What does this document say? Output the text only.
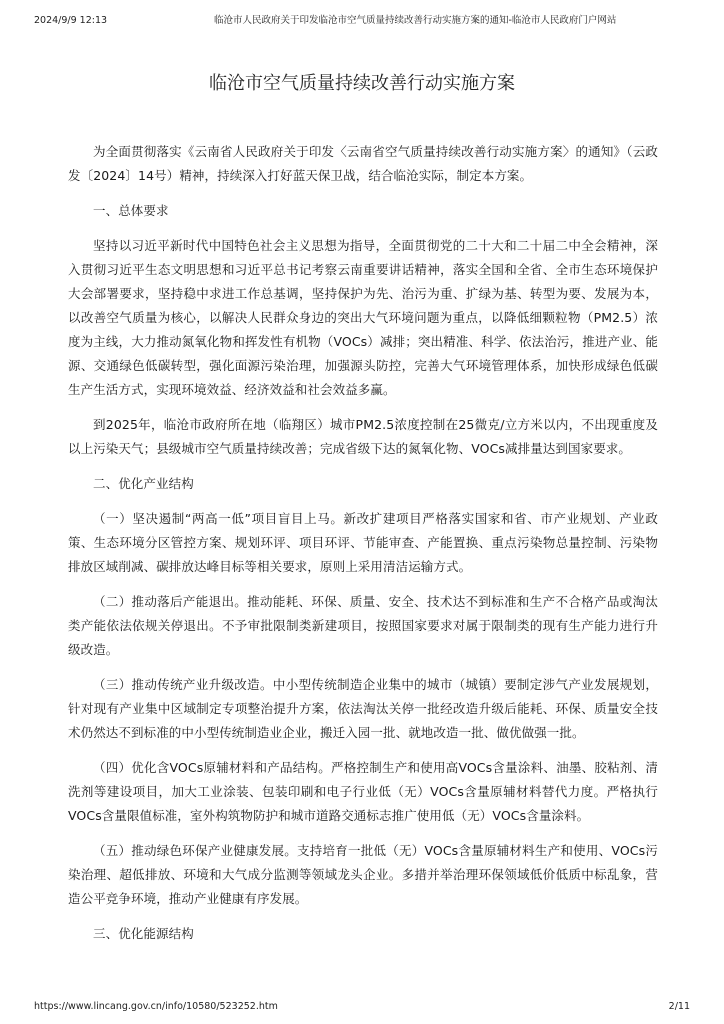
2024/9/9 12:13	临沧市人民政府关于印发临沧市空气质量持续改善行动实施方案的通知-临沧市人民政府门户网站
临沧市空气质量持续改善行动实施方案

为全面贯彻落实《云南省人民政府关于印发〈云南省空气质量持续改善行动实施方案〉的通知》（云政发〔2024〕14号）精神，持续深入打好蓝天保卫战，结合临沧实际，制定本方案。

一、总体要求

坚持以习近平新时代中国特色社会主义思想为指导，全面贯彻党的二十大和二十届二中全会精神，深入贯彻习近平生态文明思想和习近平总书记考察云南重要讲话精神，落实全国和全省、全市生态环境保护大会部署要求，坚持稳中求进工作总基调，坚持保护为先、治污为重、扩绿为基、转型为要、发展为本，以改善空气质量为核心，以解决人民群众身边的突出大气环境问题为重点，以降低细颗粒物（PM2.5）浓度为主线，大力推动氮氧化物和挥发性有机物（VOCs）减排；突出精准、科学、依法治污，推进产业、能源、交通绿色低碳转型，强化面源污染治理，加强源头防控，完善大气环境管理体系，加快形成绿色低碳生产生活方式，实现环境效益、经济效益和社会效益多赢。

到2025年，临沧市政府所在地（临翔区）城市PM2.5浓度控制在25微克/立方米以内，不出现重度及以上污染天气；县级城市空气质量持续改善；完成省级下达的氮氧化物、VOCs减排量达到国家要求。

二、优化产业结构

（一）坚决遏制“两高一低”项目盲目上马。新改扩建项目严格落实国家和省、市产业规划、产业政策、生态环境分区管控方案、规划环评、项目环评、节能审查、产能置换、重点污染物总量控制、污染物排放区域削减、碳排放达峰目标等相关要求，原则上采用清洁运输方式。

（二）推动落后产能退出。推动能耗、环保、质量、安全、技术达不到标准和生产不合格产品或淘汰类产能依法依规关停退出。不予审批限制类新建项目，按照国家要求对属于限制类的现有生产能力进行升级改造。

（三）推动传统产业升级改造。中小型传统制造企业集中的城市（城镇）要制定涉气产业发展规划，针对现有产业集中区域制定专项整治提升方案，依法淘汰关停一批经改造升级后能耗、环保、质量安全技术仍然达不到标准的中小型传统制造业企业，搬迁入园一批、就地改造一批、做优做强一批。

（四）优化含VOCs原辅材料和产品结构。严格控制生产和使用高VOCs含量涂料、油墨、胶粘剂、清洗剂等建设项目，加大工业涂装、包装印刷和电子行业低（无）VOCs含量原辅材料替代力度。严格执行VOCs含量限值标准，室外构筑物防护和城市道路交通标志推广使用低（无）VOCs含量涂料。

（五）推动绿色环保产业健康发展。支持培育一批低（无）VOCs含量原辅材料生产和使用、VOCs污染治理、超低排放、环境和大气成分监测等领域龙头企业。多措并举治理环保领域低价低质中标乱象，营造公平竞争环境，推动产业健康有序发展。

三、优化能源结构

https://www.lincang.gov.cn/info/10580/523252.htm	2/11
